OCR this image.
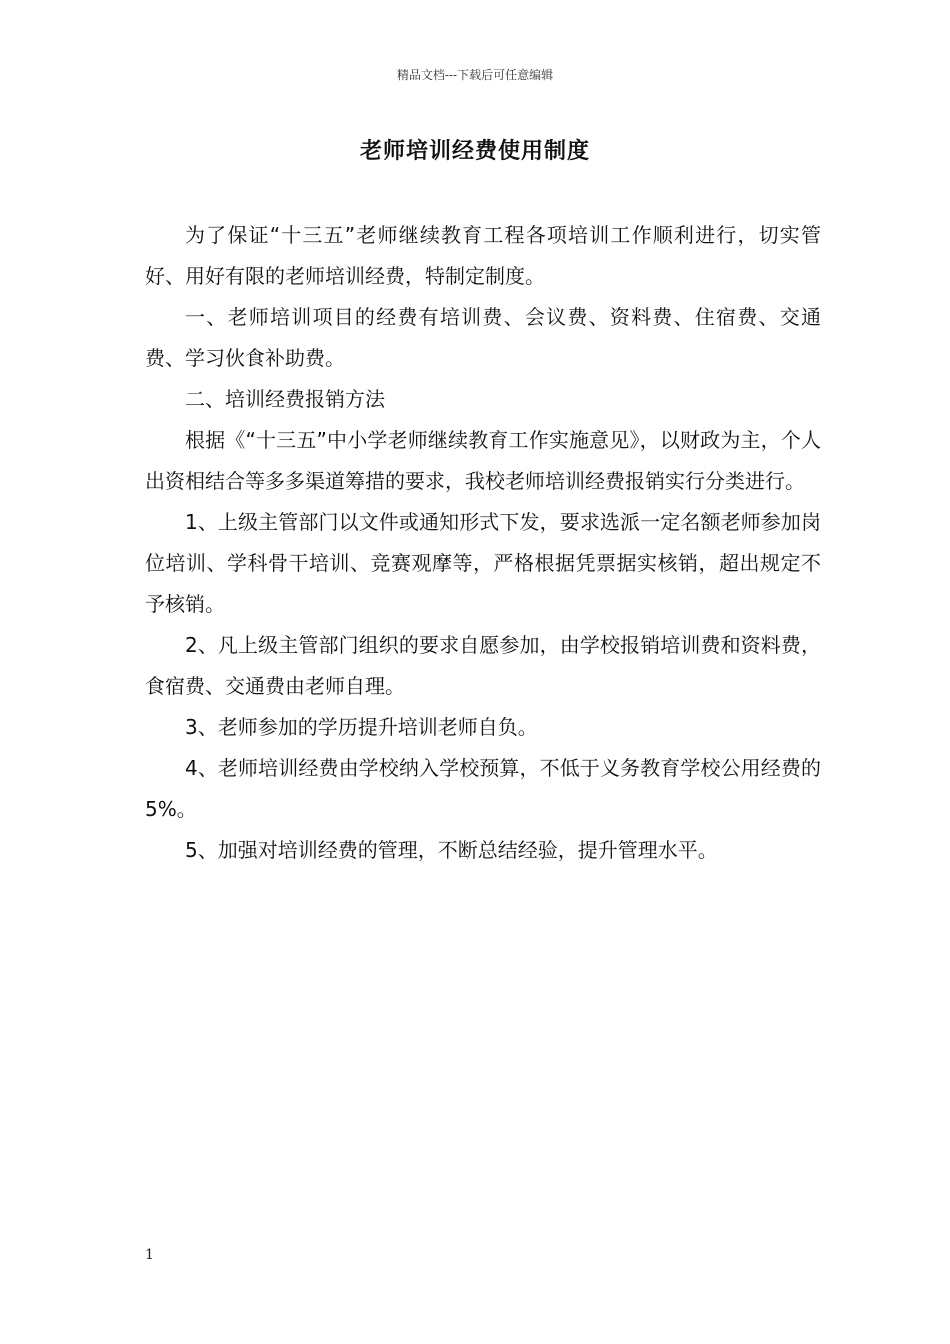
精品文档---下载后可任意编辑
老师培训经费使用制度

为了保证“十三五”老师继续教育工程各项培训工作顺利进行，切实管好、用好有限的老师培训经费，特制定制度。

一、老师培训项目的经费有培训费、会议费、资料费、住宿费、交通费、学习伙食补助费。

二、培训经费报销方法

根据《“十三五”中小学老师继续教育工作实施意见》，以财政为主，个人出资相结合等多多渠道筹措的要求，我校老师培训经费报销实行分类进行。

1、上级主管部门以文件或通知形式下发，要求选派一定名额老师参加岗位培训、学科骨干培训、竞赛观摩等，严格根据凭票据实核销，超出规定不予核销。

2、凡上级主管部门组织的要求自愿参加，由学校报销培训费和资料费，食宿费、交通费由老师自理。

3、老师参加的学历提升培训老师自负。

4、老师培训经费由学校纳入学校预算，不低于义务教育学校公用经费的5%。

5、加强对培训经费的管理，不断总结经验，提升管理水平。

1
